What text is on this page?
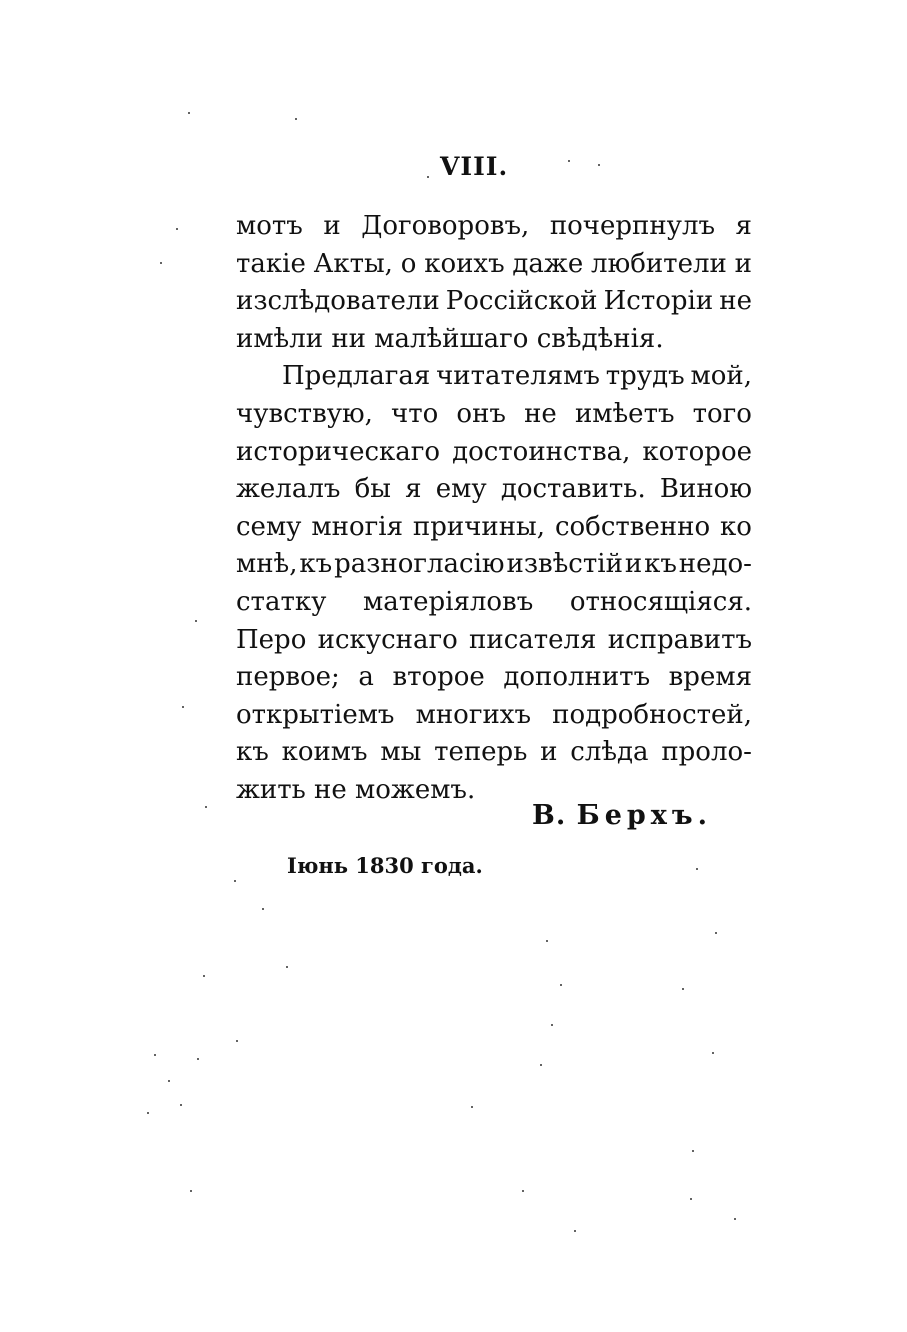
VIII.
мотъ и Договоровъ, почерпнулъ я
такіе Акты, о коихъ даже любители и
изслѣдователи Россійской Исторіи не
имѣли ни малѣйшаго свѣдѣнія.
Предлагая читателямъ трудъ мой,
чувствую, что онъ не имѣетъ того
историческаго достоинства, которое
желалъ бы я ему доставить. Виною
сему многія причины, собственно ко
мнѣ, къ разногласію извѣстій и къ недо-
статку матеріяловъ относящіяся.
Перо искуснаго писателя исправитъ
первое; а второе дополнитъ время
открытіемъ многихъ подробностей,
къ коимъ мы теперь и слѣда проло-
жить не можемъ.
В. Берхъ.
Іюнь 1830 года.
